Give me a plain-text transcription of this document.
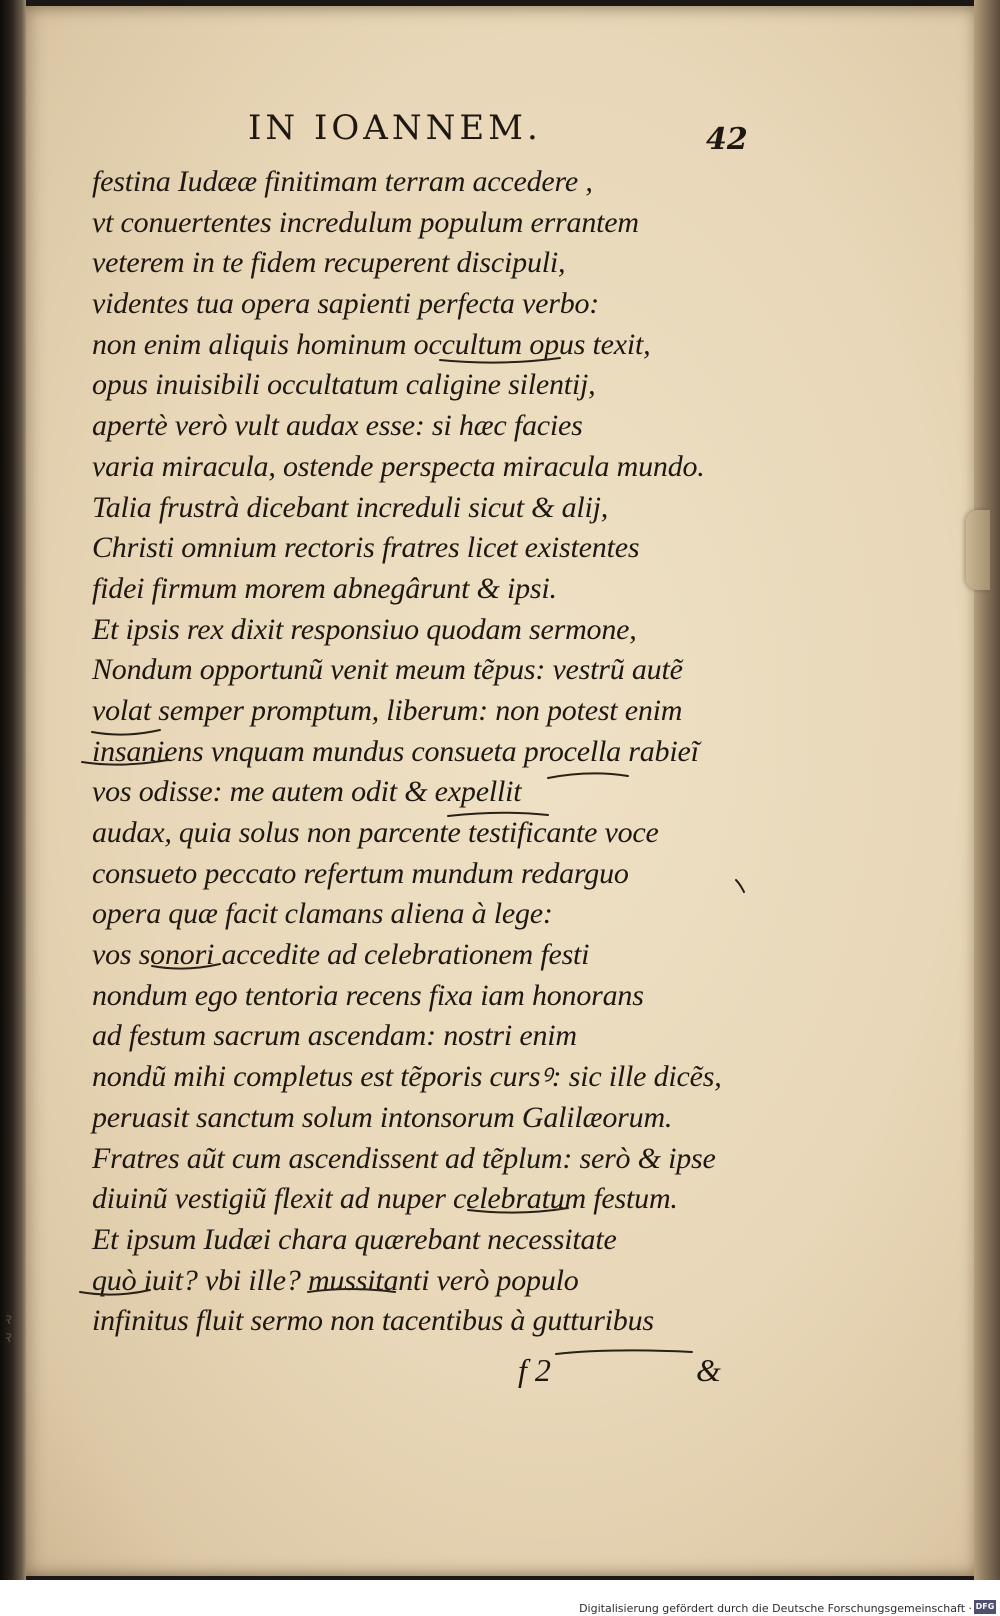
ꝛ
ꝛ
IN IOANNEM.	42
festina Iudææ finitimam terram accedere ,
vt conuertentes incredulum populum errantem
veterem in te fidem recuperent discipuli,
videntes tua opera sapienti perfecta verbo:
non enim aliquis hominum occultum opus texit,
opus inuisibili occultatum caligine silentij,
apertè verò vult audax esse: si hæc facies
varia miracula, ostende perspecta miracula mundo.
Talia frustrà dicebant increduli sicut & alij,
Christi omnium rectoris fratres licet existentes
fidei firmum morem abnegârunt & ipsi.
Et ipsis rex dixit responsiuo quodam sermone,
Nondum opportunũ venit meum tẽpus: vestrũ autẽ
volat semper promptum, liberum: non potest enim
insaniens vnquam mundus consueta procella rabieĩ
vos odisse: me autem odit & expellit
audax, quia solus non parcente testificante voce
consueto peccato refertum mundum redarguo
opera quæ facit clamans aliena à lege:
vos sonori accedite ad celebrationem festi
nondum ego tentoria recens fixa iam honorans
ad festum sacrum ascendam: nostri enim
nondũ mihi completus est tẽporis cursꝰ: sic ille dicẽs,
peruasit sanctum solum intonsorum Galilæorum.
Fratres aũt cum ascendissent ad tẽplum: serò & ipse
diuinũ vestigiũ flexit ad nuper celebratum festum.
Et ipsum Iudæi chara quærebant necessitate
quò iuit? vbi ille? mussitanti verò populo
infinitus fluit sermo non tacentibus à gutturibus
f 2	&
Digitalisierung gefördert durch die Deutsche Forschungsgemeinschaft · DFG
